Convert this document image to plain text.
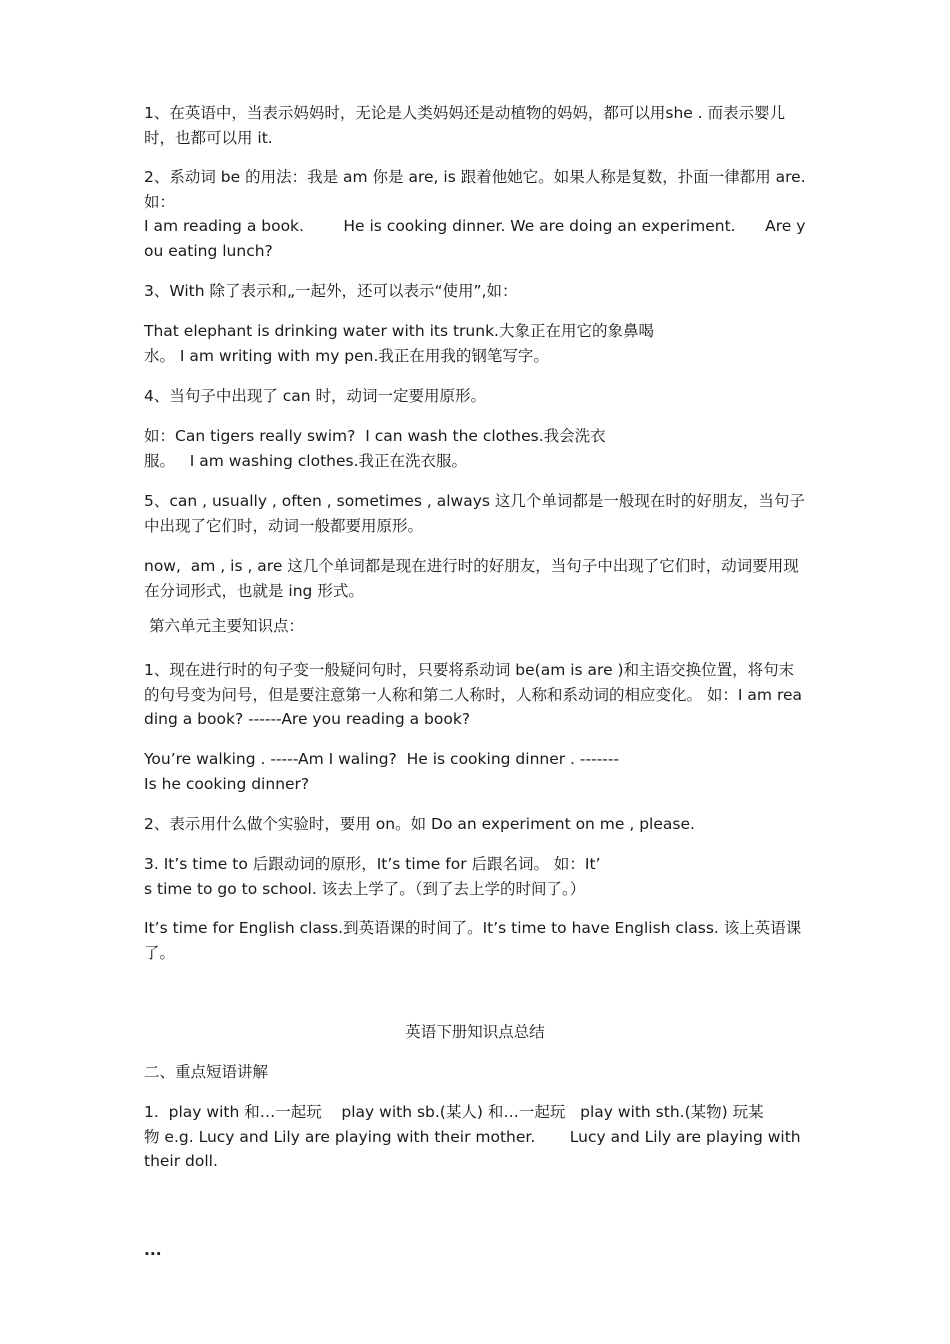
1、在英语中，当表示妈妈时，无论是人类妈妈还是动植物的妈妈，都可以用she . 而表示婴儿时，也都可以用 it.

2、系动词 be 的用法：我是 am 你是 are, is 跟着他她它。如果人称是复数，扑面一律都用 are.  如：
I am reading a book.        He is cooking dinner. We are doing an experiment.      Are you eating lunch?

3、With 除了表示和„一起外，还可以表示“使用”,如：

That elephant is drinking water with its trunk.大象正在用它的象鼻喝
水。 I am writing with my pen.我正在用我的钢笔写字。

4、当句子中出现了 can 时，动词一定要用原形。

如：Can tigers really swim?  I can wash the clothes.我会洗衣
服。   I am washing clothes.我正在洗衣服。

5、can , usually , often , sometimes , always 这几个单词都是一般现在时的好朋友，当句子中出现了它们时，动词一般都要用原形。

now,  am , is , are 这几个单词都是现在进行时的好朋友，当句子中出现了它们时，动词要用现在分词形式，也就是 ing 形式。

第六单元主要知识点：

1、现在进行时的句子变一般疑问句时，只要将系动词 be(am is are )和主语交换位置，将句末的句号变为问号，但是要注意第一人称和第二人称时，人称和系动词的相应变化。 如：I am reading a book? ------Are you reading a book?

You’re walking . -----Am I waling?  He is cooking dinner . -------
Is he cooking dinner?

2、表示用什么做个实验时，要用 on。如 Do an experiment on me , please.

3. It’s time to 后跟动词的原形，It’s time for 后跟名词。 如：It’
s time to go to school. 该去上学了。（到了去上学的时间了。）

It’s time for English class.到英语课的时间了。It’s time to have English class. 该上英语课了。

英语下册知识点总结

二、重点短语讲解

1.  play with 和…一起玩    play with sb.(某人) 和…一起玩   play with sth.(某物) 玩某
物 e.g. Lucy and Lily are playing with their mother.       Lucy and Lily are playing with their doll.

...
